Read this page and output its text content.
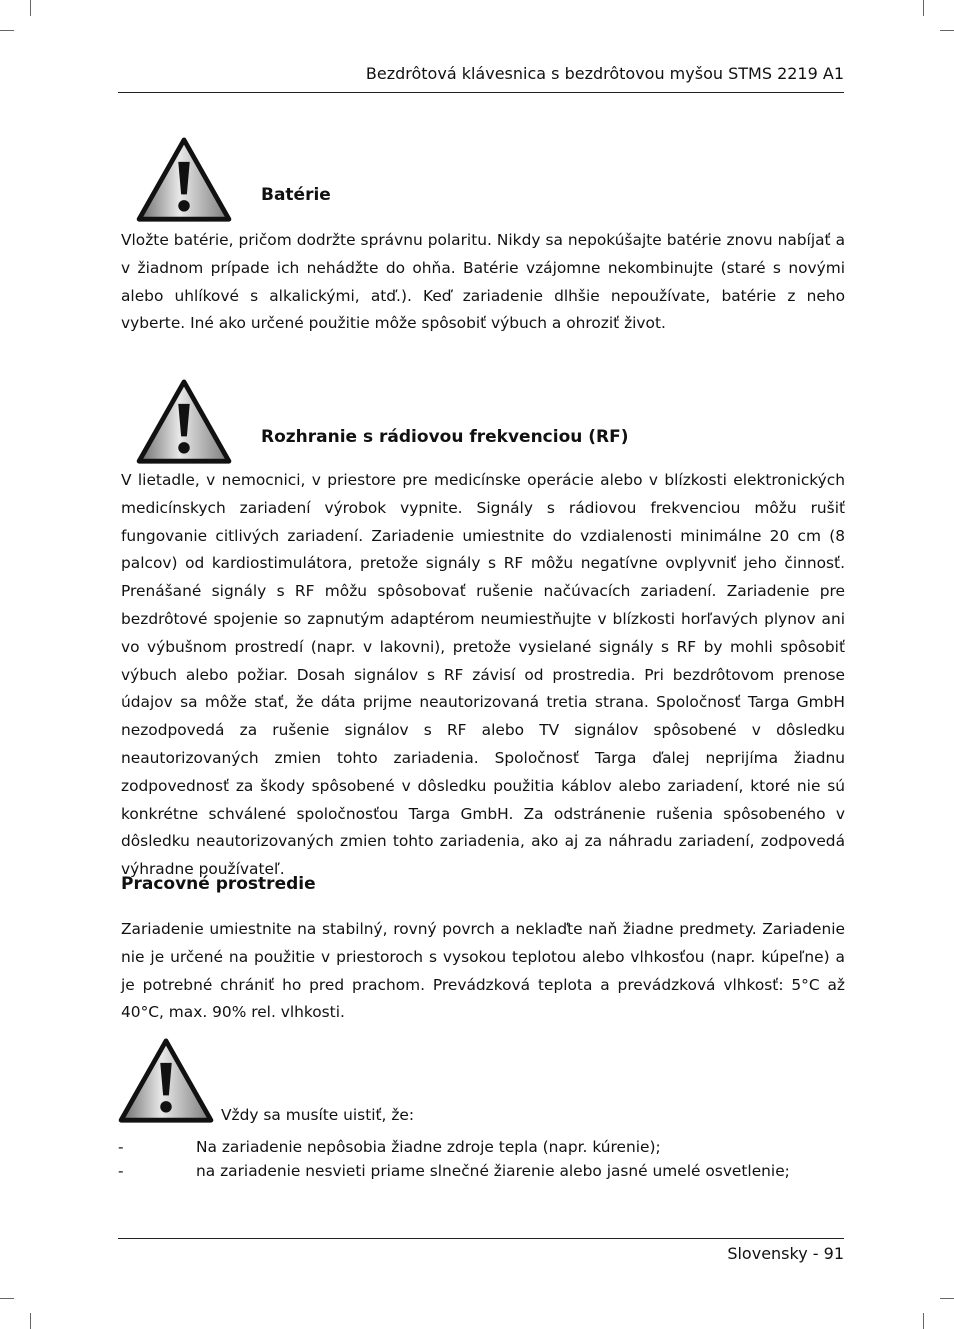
Bezdrôtová klávesnica s bezdrôtovou myšou STMS 2219 A1
Batérie

Vložte batérie, pričom dodržte správnu polaritu. Nikdy sa nepokúšajte batérie znovu nabíjať a v žiadnom prípade ich nehádžte do ohňa. Batérie vzájomne nekombinujte (staré s novými alebo uhlíkové s alkalickými, atď.). Keď zariadenie dlhšie nepoužívate, batérie z neho vyberte. Iné ako určené použitie môže spôsobiť výbuch a ohroziť život.

Rozhranie s rádiovou frekvenciou (RF)

V lietadle, v nemocnici, v priestore pre medicínske operácie alebo v blízkosti elektronických medicínskych zariadení výrobok vypnite. Signály s rádiovou frekvenciou môžu rušiť fungovanie citlivých zariadení. Zariadenie umiestnite do vzdialenosti minimálne 20 cm (8 palcov) od kardiostimulátora, pretože signály s RF môžu negatívne ovplyvniť jeho činnosť. Prenášané signály s RF môžu spôsobovať rušenie načúvacích zariadení. Zariadenie pre bezdrôtové spojenie so zapnutým adaptérom neumiestňujte v blízkosti horľavých plynov ani vo výbušnom prostredí (napr. v lakovni), pretože vysielané signály s RF by mohli spôsobiť výbuch alebo požiar. Dosah signálov s RF závisí od prostredia. Pri bezdrôtovom prenose údajov sa môže stať, že dáta prijme neautorizovaná tretia strana. Spoločnosť Targa GmbH nezodpovedá za rušenie signálov s RF alebo TV signálov spôsobené v dôsledku neautorizovaných zmien tohto zariadenia. Spoločnosť Targa ďalej neprijíma žiadnu zodpovednosť za škody spôsobené v dôsledku použitia káblov alebo zariadení, ktoré nie sú konkrétne schválené spoločnosťou Targa GmbH. Za odstránenie rušenia spôsobeného v dôsledku neautorizovaných zmien tohto zariadenia, ako aj za náhradu zariadení, zodpovedá výhradne používateľ.

Pracovné prostredie

Zariadenie umiestnite na stabilný, rovný povrch a neklaďte naň žiadne predmety. Zariadenie nie je určené na použitie v priestoroch s vysokou teplotou alebo vlhkosťou (napr. kúpeľne) a je potrebné chrániť ho pred prachom. Prevádzková teplota a prevádzková vlhkosť: 5°C až 40°C, max. 90% rel. vlhkosti.

Vždy sa musíte uistiť, že:
-	Na zariadenie nepôsobia žiadne zdroje tepla (napr. kúrenie);
-	na zariadenie nesvieti priame slnečné žiarenie alebo jasné umelé osvetlenie;
Slovensky - 91
